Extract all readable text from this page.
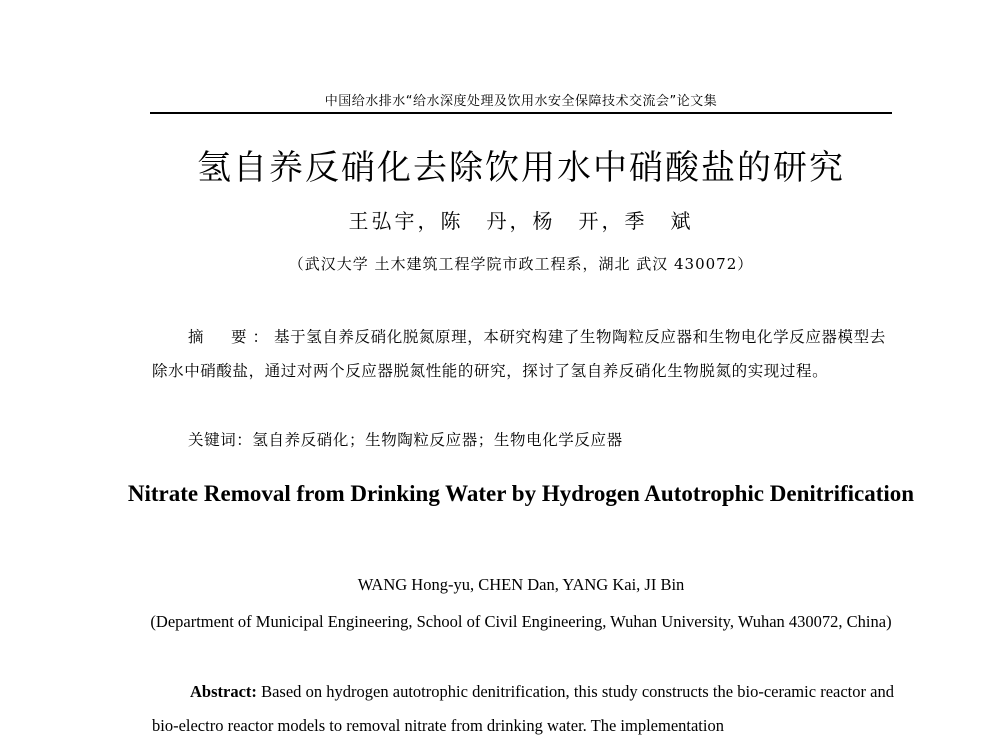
中国给水排水“给水深度处理及饮用水安全保障技术交流会”论文集
氢自养反硝化去除饮用水中硝酸盐的研究
王弘宇，陈　丹，杨　开，季　斌
（武汉大学 土木建筑工程学院市政工程系，湖北 武汉 430072）

摘　要：基于氢自养反硝化脱氮原理，本研究构建了生物陶粒反应器和生物电化学反应器模型去除水中硝酸盐，通过对两个反应器脱氮性能的研究，探讨了氢自养反硝化生物脱氮的实现过程。

关键词：氢自养反硝化；生物陶粒反应器；生物电化学反应器
Nitrate Removal from Drinking Water by Hydrogen Autotrophic Denitrification
WANG Hong-yu, CHEN Dan, YANG Kai, JI Bin
(Department of Municipal Engineering, School of Civil Engineering, Wuhan University, Wuhan 430072, China)

Abstract: Based on hydrogen autotrophic denitrification, this study constructs the bio-ceramic reactor and bio-electro reactor models to removal nitrate from drinking water. The implementation
